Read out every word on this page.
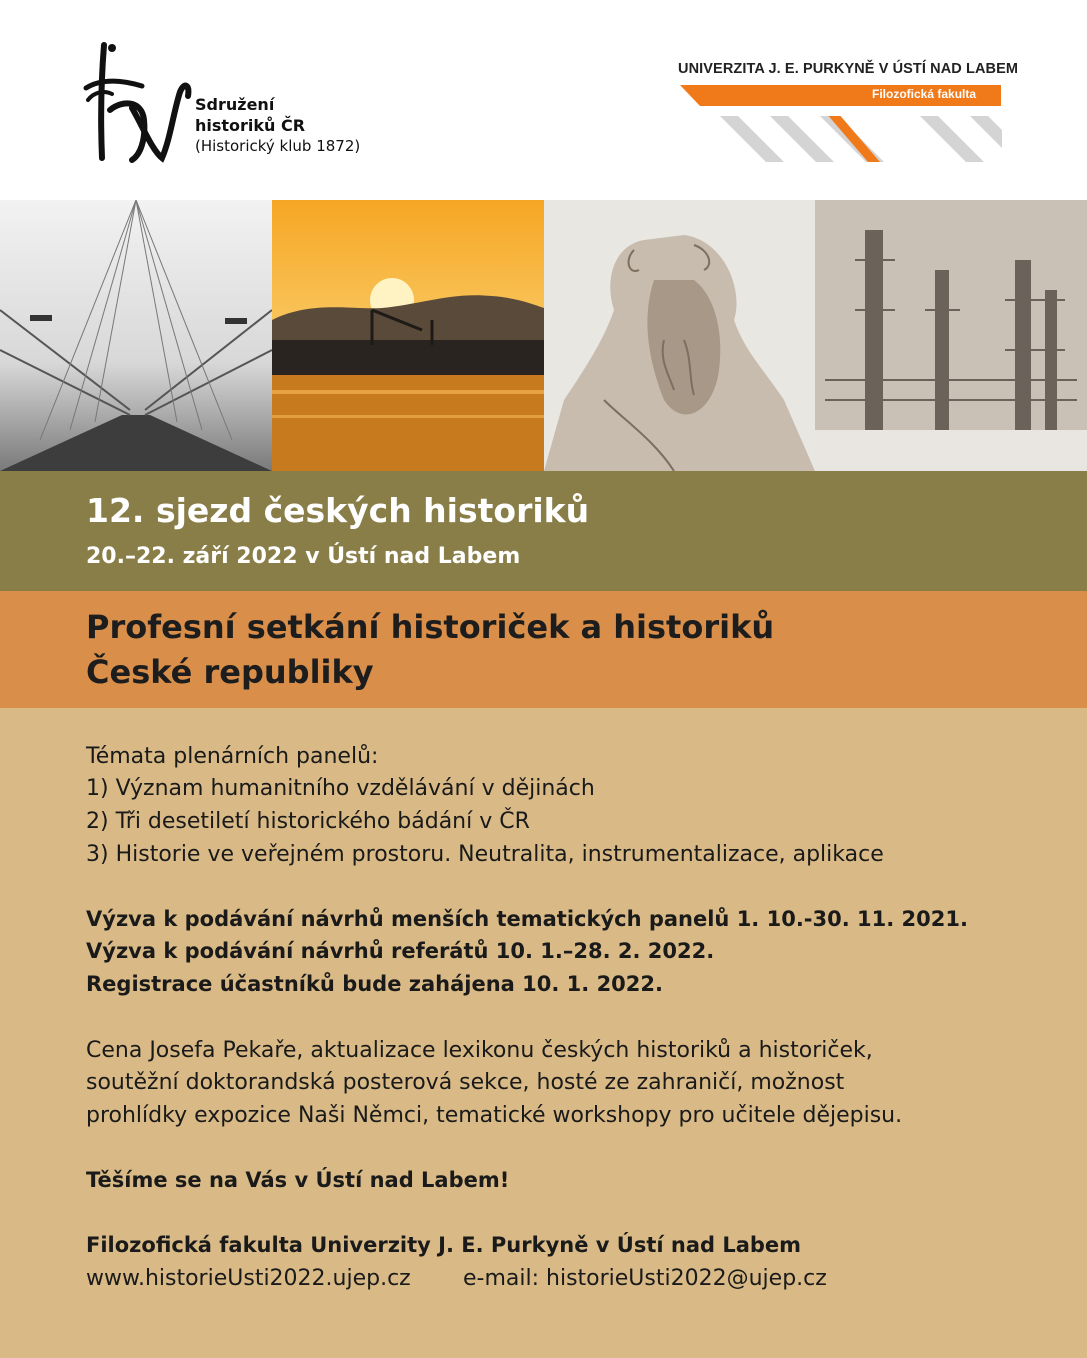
Sdružení
historiků ČR
(Historický klub 1872)
UNIVERZITA J. E. PURKYNĚ V ÚSTÍ NAD LABEM
Filozofická fakulta
12. sjezd českých historiků
20.–22. září 2022 v Ústí nad Labem
Profesní setkání historiček a historiků
České republiky
Témata plenárních panelů:
1) Význam humanitního vzdělávání v dějinách
2) Tři desetiletí historického bádání v ČR
3) Historie ve veřejném prostoru. Neutralita, instrumentalizace, aplikace
Výzva k podávání návrhů menších tematických panelů 1. 10.-30. 11. 2021.
Výzva k podávání návrhů referátů 10. 1.–28. 2. 2022.
Registrace účastníků bude zahájena 10. 1. 2022.
Cena Josefa Pekaře, aktualizace lexikonu českých historiků a historiček,
soutěžní doktorandská posterová sekce, hosté ze zahraničí, možnost
prohlídky expozice Naši Němci, tematické workshopy pro učitele dějepisu.
Těšíme se na Vás v Ústí nad Labem!
Filozofická fakulta Univerzity J. E. Purkyně v Ústí nad Labem
www.historieUsti2022.ujep.cz e-mail: historieUsti2022@ujep.cz
